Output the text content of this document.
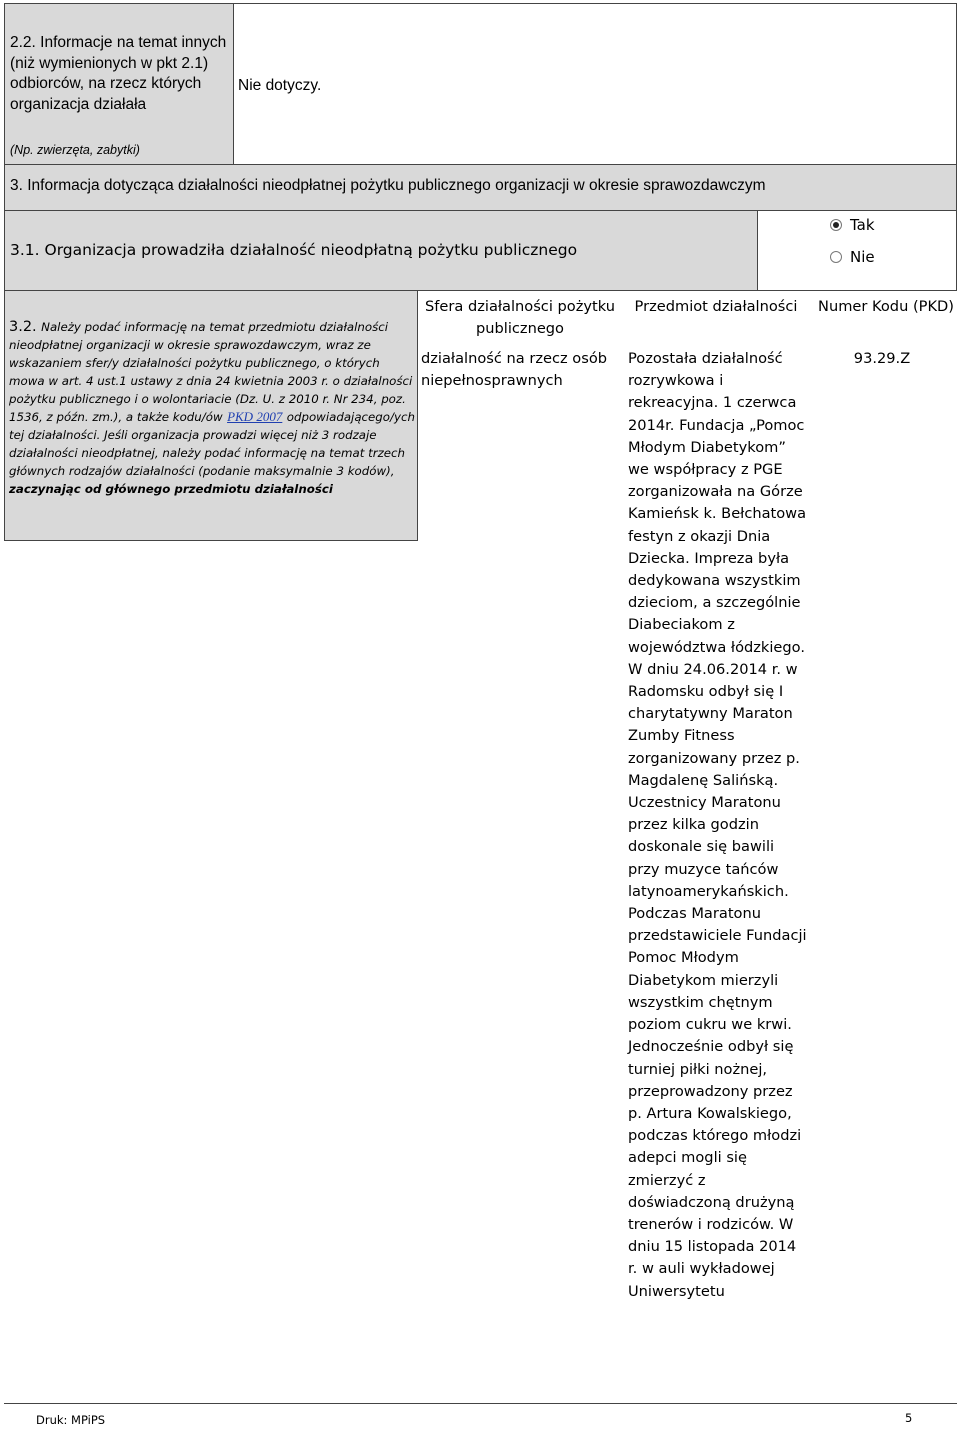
2.2. Informacje na temat innych (niż wymienionych w pkt 2.1) odbiorców, na rzecz których organizacja działała
(Np. zwierzęta, zabytki)
Nie dotyczy.
3. Informacja dotycząca działalności nieodpłatnej pożytku publicznego organizacji w okresie sprawozdawczym
3.1. Organizacja prowadziła działalność nieodpłatną pożytku publicznego
Tak
Nie
3.2. Należy podać informację na temat przedmiotu działalności nieodpłatnej organizacji w okresie sprawozdawczym, wraz ze wskazaniem sfer/y działalności pożytku publicznego, o których mowa w art. 4 ust.1 ustawy z dnia 24 kwietnia 2003 r. o działalności pożytku publicznego i o wolontariacie (Dz. U. z 2010 r. Nr 234, poz. 1536, z późn. zm.), a także kodu/ów PKD 2007 odpowiadającego/ych tej działalności. Jeśli organizacja prowadzi więcej niż 3 rodzaje działalności nieodpłatnej, należy podać informację na temat trzech głównych rodzajów działalności (podanie maksymalnie 3 kodów), zaczynając od głównego przedmiotu działalności
Sfera działalności pożytku publicznego
Przedmiot działalności	Numer Kodu (PKD)
działalność na rzecz osób niepełnosprawnych
Pozostała działalność rozrywkowa i rekreacyjna. 1 czerwca 2014r. Fundacja „Pomoc Młodym Diabetykom” we współpracy z PGE zorganizowała na Górze Kamieńsk k. Bełchatowa festyn z okazji Dnia Dziecka. Impreza była dedykowana wszystkim dzieciom, a szczególnie Diabeciakom z województwa łódzkiego. W dniu 24.06.2014 r. w Radomsku odbył się I charytatywny Maraton Zumby Fitness zorganizowany przez p. Magdalenę Salińską. Uczestnicy Maratonu przez kilka godzin doskonale się bawili przy muzyce tańców latynoamerykańskich. Podczas Maratonu przedstawiciele Fundacji Pomoc Młodym Diabetykom mierzyli wszystkim chętnym poziom cukru we krwi. Jednocześnie odbył się turniej piłki nożnej, przeprowadzony przez p. Artura Kowalskiego, podczas którego młodzi adepci mogli się zmierzyć z doświadczoną drużyną trenerów i rodziców. W dniu 15 listopada 2014 r. w auli wykładowej Uniwersytetu
93.29.Z
Druk: MPiPS	5
